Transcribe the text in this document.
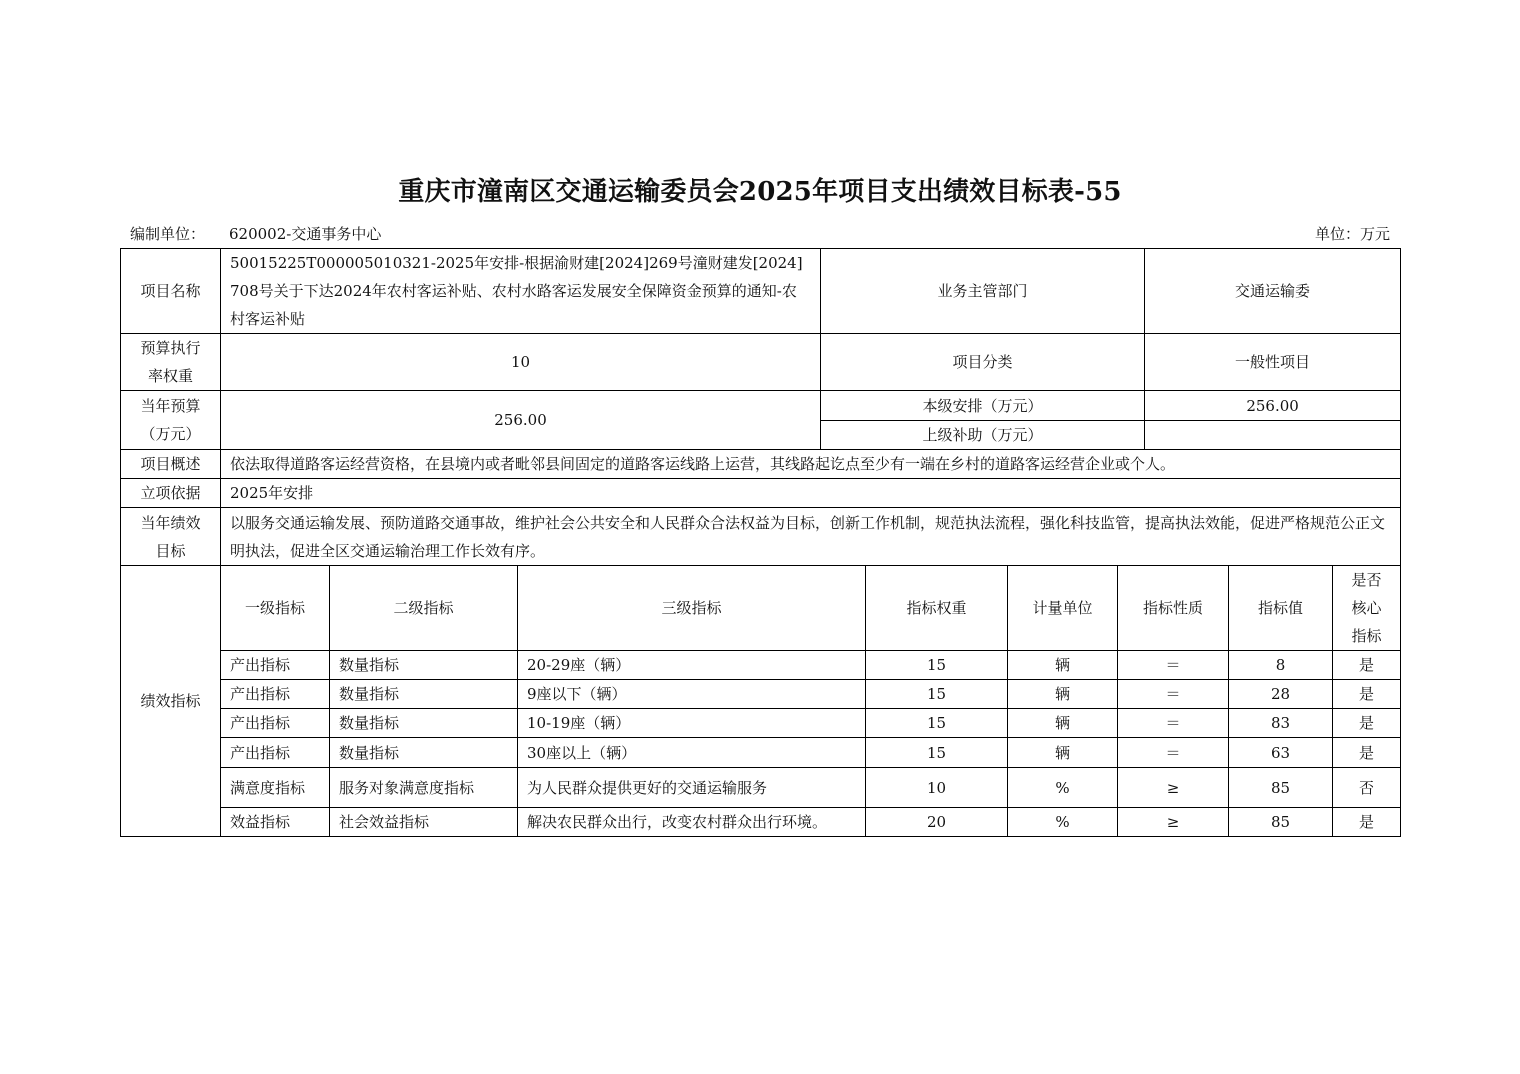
重庆市潼南区交通运输委员会2025年项目支出绩效目标表-55
编制单位： 620002-交通事务中心	单位：万元
项目名称	50015225T000005010321-2025年安排-根据渝财建[2024]269号潼财建发[2024]708号关于下达2024年农村客运补贴、农村水路客运发展安全保障资金预算的通知-农村客运补贴			业务主管部门				交通运输委		
预算执行率权重	10			项目分类				一般性项目		
当年预算（万元）	256.00			本级安排（万元）				256.00		
				上级补助（万元）						
项目概述	依法取得道路客运经营资格，在县境内或者毗邻县间固定的道路客运线路上运营，其线路起讫点至少有一端在乡村的道路客运经营企业或个人。									
立项依据	2025年安排									
当年绩效目标	以服务交通运输发展、预防道路交通事故，维护社会公共安全和人民群众合法权益为目标，创新工作机制，规范执法流程，强化科技监管，提高执法效能，促进严格规范公正文明执法，促进全区交通运输治理工作长效有序。									
绩效指标	一级指标	二级指标	三级指标		指标权重	计量单位	指标性质		指标值	是否核心指标
	产出指标	数量指标	20-29座（辆）		15	辆	＝		8	是
	产出指标	数量指标	9座以下（辆）		15	辆	＝		28	是
	产出指标	数量指标	10-19座（辆）		15	辆	＝		83	是
	产出指标	数量指标	30座以上（辆）		15	辆	＝		63	是
	满意度指标	服务对象满意度指标	为人民群众提供更好的交通运输服务		10	%	≥		85	否
	效益指标	社会效益指标	解决农民群众出行，改变农村群众出行环境。		20	%	≥		85	是
